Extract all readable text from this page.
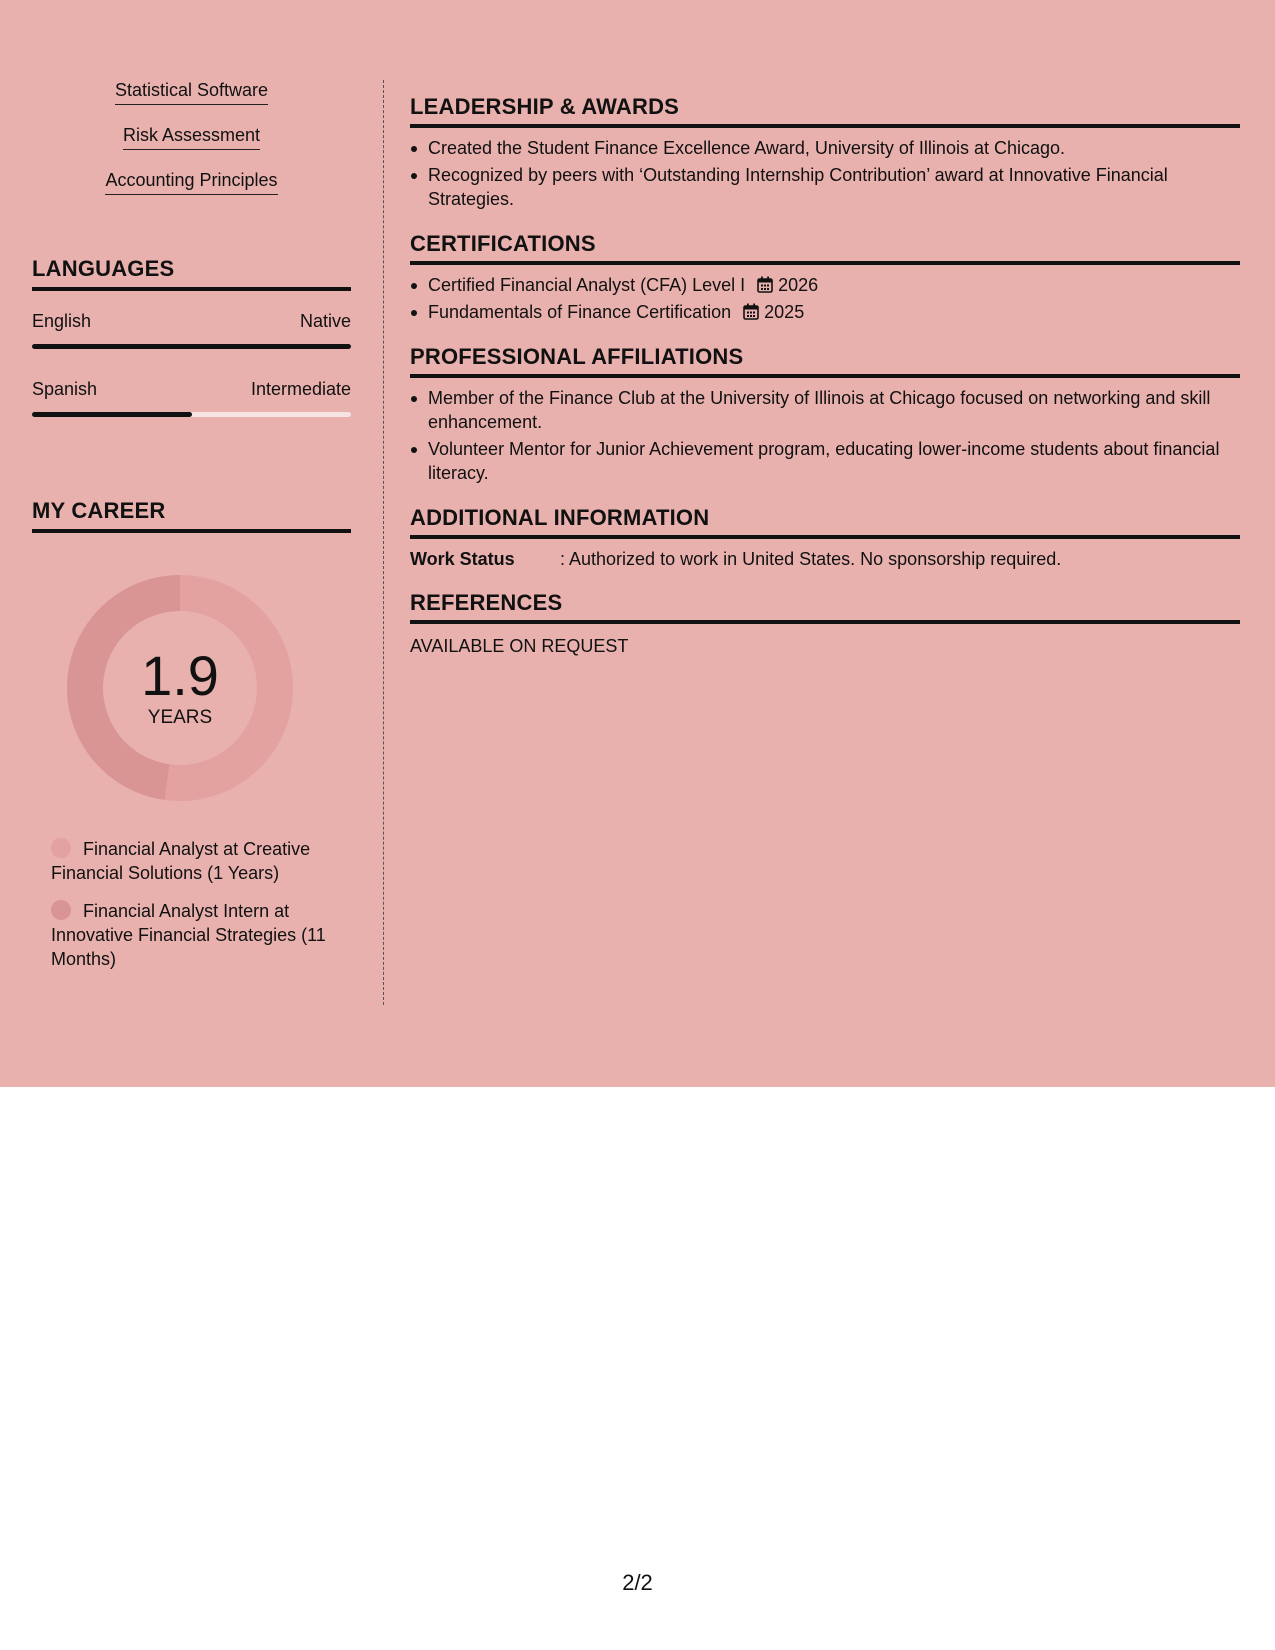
Statistical Software
Risk Assessment
Accounting Principles
LANGUAGES
English	Native
Spanish	Intermediate
MY CAREER
1.9
YEARS
Financial Analyst at Creative Financial Solutions (1 Years)
Financial Analyst Intern at Innovative Financial Strategies (11 Months)
LEADERSHIP & AWARDS
Created the Student Finance Excellence Award, University of Illinois at Chicago.
Recognized by peers with ‘Outstanding Internship Contribution’ award at Innovative Financial Strategies.
CERTIFICATIONS
Certified Financial Analyst (CFA) Level I 2026
Fundamentals of Finance Certification 2025
PROFESSIONAL AFFILIATIONS
Member of the Finance Club at the University of Illinois at Chicago focused on networking and skill enhancement.
Volunteer Mentor for Junior Achievement program, educating lower-income students about financial literacy.
ADDITIONAL INFORMATION
Work Status	: Authorized to work in United States. No sponsorship required.
REFERENCES
AVAILABLE ON REQUEST
2/2
